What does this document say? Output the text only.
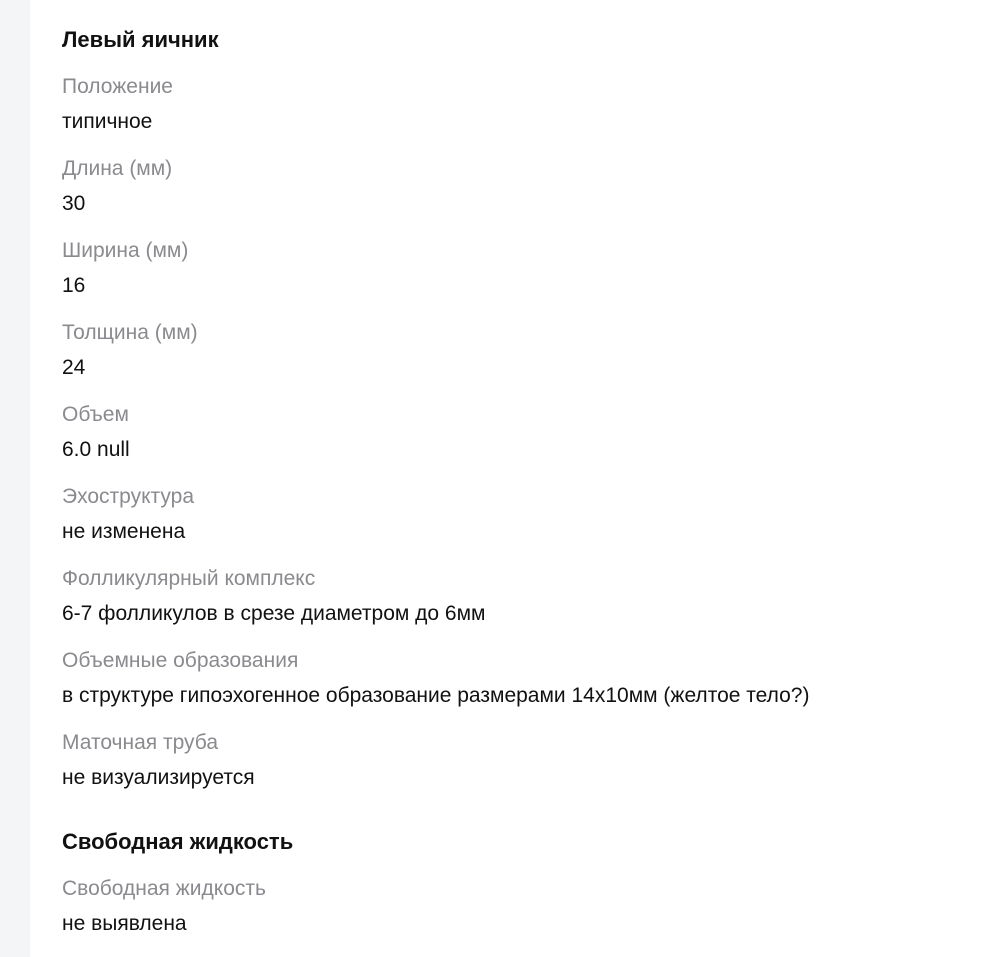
Левый яичник
Положение
типичное
Длина (мм)
30
Ширина (мм)
16
Толщина (мм)
24
Объем
6.0 null
Эхоструктура
не изменена
Фолликулярный комплекс
6-7 фолликулов в срезе диаметром до 6мм
Объемные образования
в структуре гипоэхогенное образование размерами 14х10мм (желтое тело?)
Маточная труба
не визуализируется
Свободная жидкость
Свободная жидкость
не выявлена
